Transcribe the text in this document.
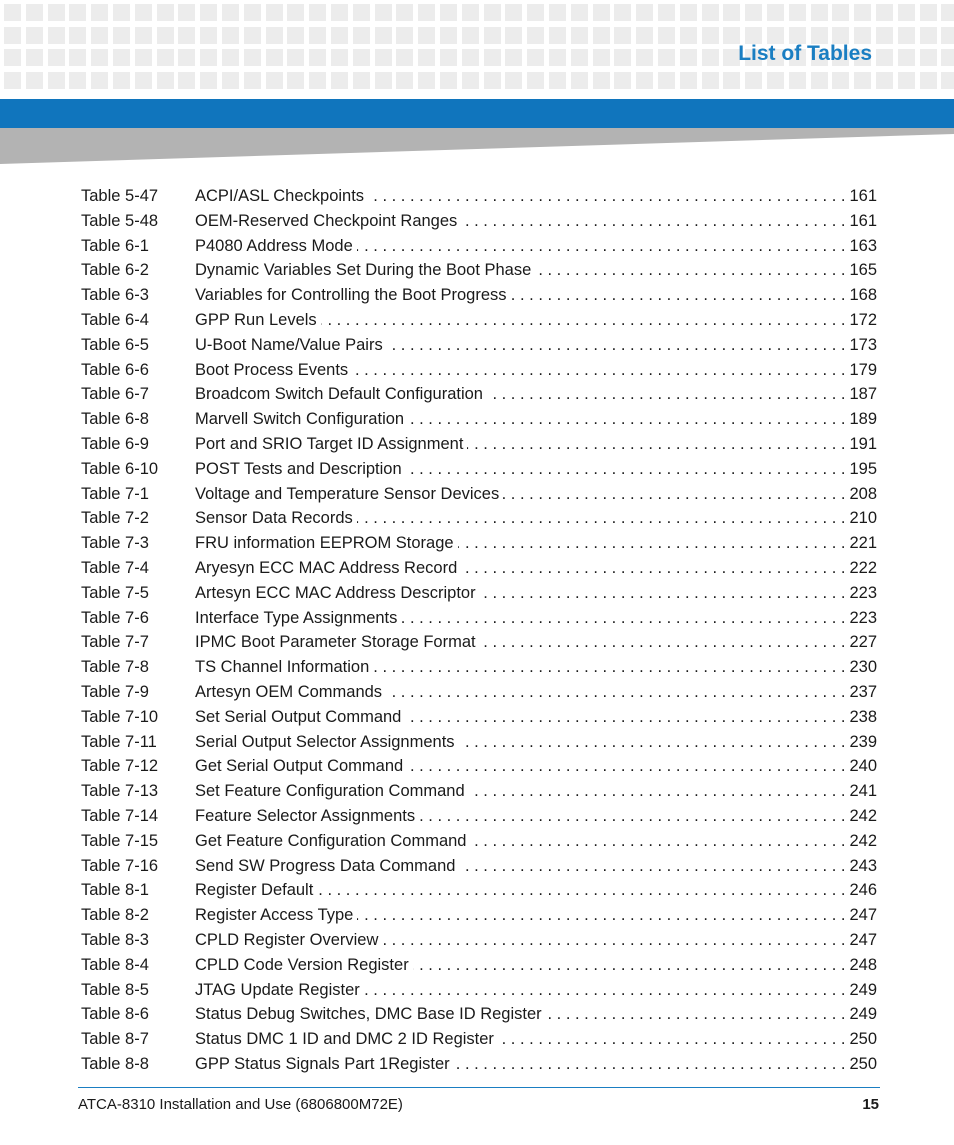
List of Tables
Table 5-47	ACPI/ASL Checkpoints . . .	161
Table 5-48	OEM-Reserved Checkpoint Ranges . . .	161
Table 6-1	P4080 Address Mode . . .	163
Table 6-2	Dynamic Variables Set During the Boot Phase . . .	165
Table 6-3	Variables for Controlling the Boot Progress . . .	168
Table 6-4	GPP Run Levels . . .	172
Table 6-5	U-Boot Name/Value Pairs . . .	173
Table 6-6	Boot Process Events . . .	179
Table 6-7	Broadcom Switch Default Configuration . . .	187
Table 6-8	Marvell Switch Configuration . . .	189
Table 6-9	Port and SRIO Target ID Assignment . . .	191
Table 6-10	POST Tests and Description . . .	195
Table 7-1	Voltage and Temperature Sensor Devices . . .	208
Table 7-2	Sensor Data Records . . .	210
Table 7-3	FRU information EEPROM Storage . . .	221
Table 7-4	Aryesyn ECC MAC Address Record . . .	222
Table 7-5	Artesyn ECC MAC Address Descriptor . . .	223
Table 7-6	Interface Type Assignments . . .	223
Table 7-7	IPMC Boot Parameter Storage Format . . .	227
Table 7-8	TS Channel Information . . .	230
Table 7-9	Artesyn OEM Commands . . .	237
Table 7-10	Set Serial Output Command . . .	238
Table 7-11	Serial Output Selector Assignments . . .	239
Table 7-12	Get Serial Output Command . . .	240
Table 7-13	Set Feature Configuration Command . . .	241
Table 7-14	Feature Selector Assignments . . .	242
Table 7-15	Get Feature Configuration Command . . .	242
Table 7-16	Send SW Progress Data Command . . .	243
Table 8-1	Register Default . . .	246
Table 8-2	Register Access Type . . .	247
Table 8-3	CPLD Register Overview . . .	247
Table 8-4	CPLD Code Version Register . . .	248
Table 8-5	JTAG Update Register . . .	249
Table 8-6	Status Debug Switches, DMC Base ID Register . . .	249
Table 8-7	Status DMC 1 ID and DMC 2 ID Register . . .	250
Table 8-8	GPP Status Signals Part 1Register . . .	250
ATCA-8310 Installation and Use (6806800M72E)	15
